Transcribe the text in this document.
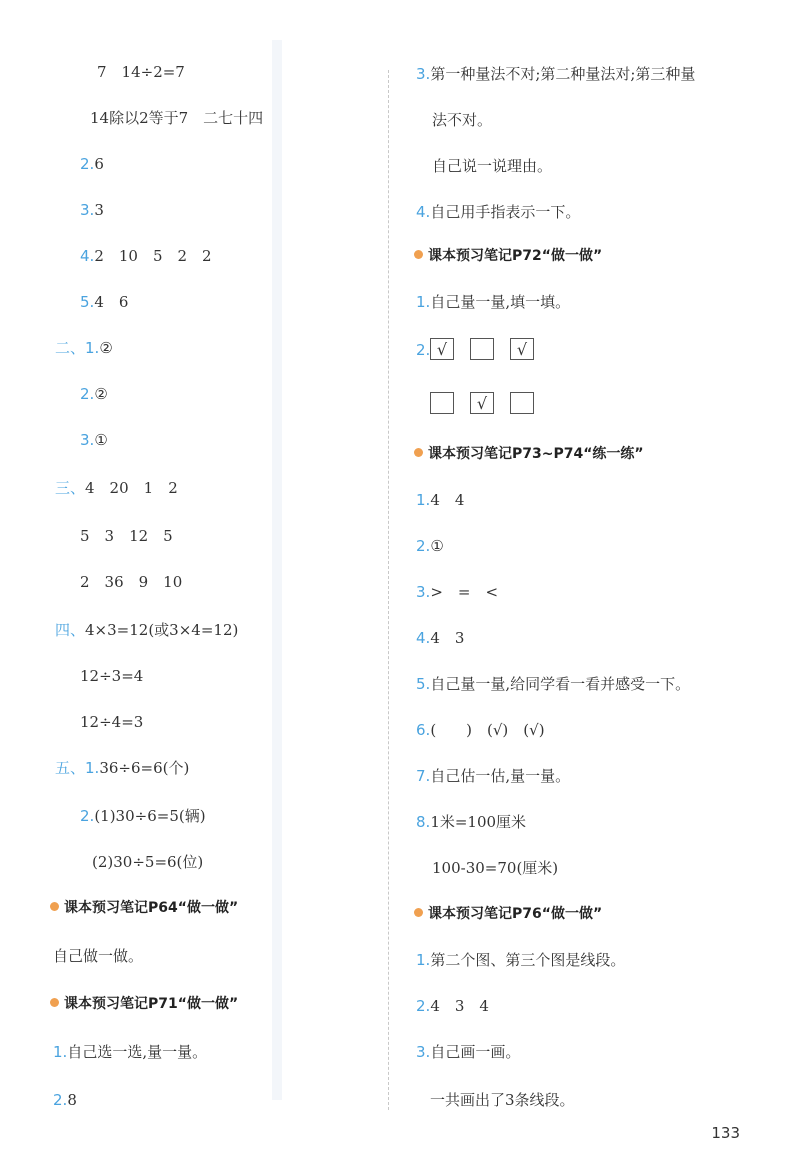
7　14÷2=7
14除以2等于7　二七十四
2.6
3.3
4.2　10　5　2　2
5.4　6
二、1.②
2.②
3.①
三、4　20　1　2
5　3　12　5
2　36　9　10
四、4×3=12(或3×4=12)
12÷3=4
12÷4=3
五、1.36÷6=6(个)
2.(1)30÷6=5(辆)
(2)30÷5=6(位)
课本预习笔记P64“做一做”
自己做一做。
课本预习笔记P71“做一做”
1.自己选一选,量一量。
2.8
3.第一种量法不对;第二种量法对;第三种量
法不对。
自己说一说理由。
4.自己用手指表示一下。
课本预习笔记P72“做一做”
1.自己量一量,填一填。
2. √	√
√
课本预习笔记P73~P74“练一练”
1.4　4
2.①
3.>　=　<
4.4　3
5.自己量一量,给同学看一看并感受一下。
6.(　　)　(√)　(√)
7.自己估一估,量一量。
8.1米=100厘米
100-30=70(厘米)
课本预习笔记P76“做一做”
1.第二个图、第三个图是线段。
2.4　3　4
3.自己画一画。
一共画出了3条线段。
133
